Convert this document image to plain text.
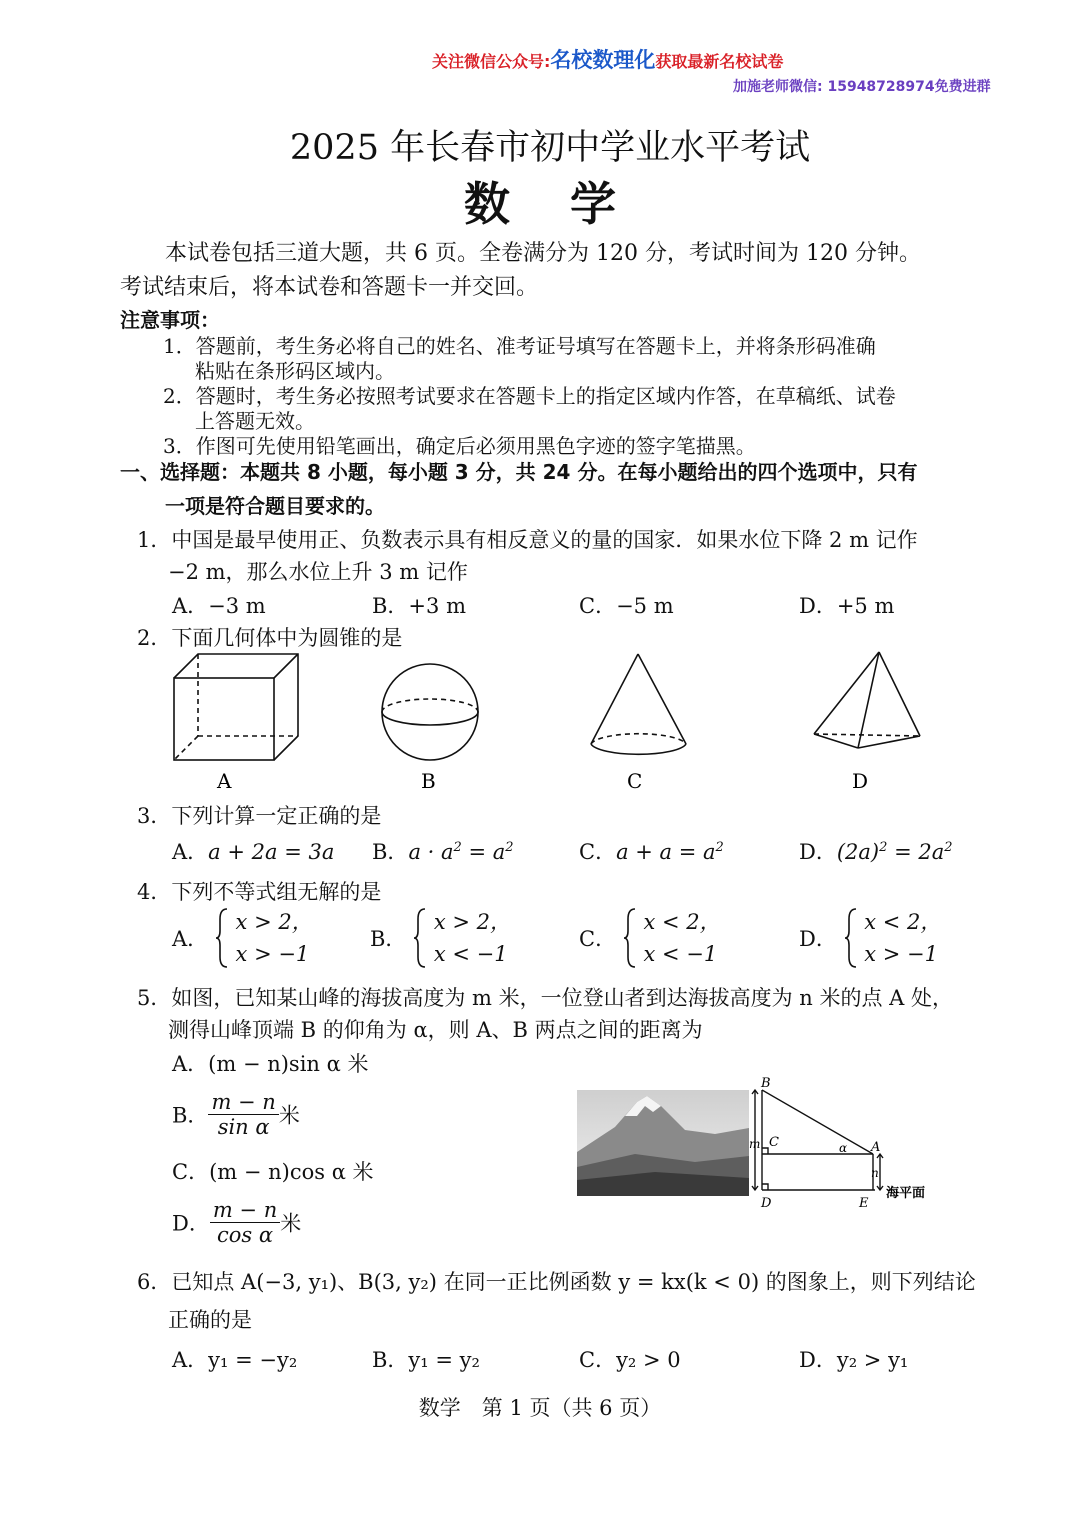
关注微信公众号:名校数理化获取最新名校试卷
加施老师微信: 15948728974免费进群
2025 年长春市初中学业水平考试
数学
本试卷包括三道大题，共 6 页。全卷满分为 120 分，考试时间为 120 分钟。
考试结束后，将本试卷和答题卡一并交回。
注意事项：
1．答题前，考生务必将自己的姓名、准考证号填写在答题卡上，并将条形码准确
粘贴在条形码区域内。
2．答题时，考生务必按照考试要求在答题卡上的指定区域内作答，在草稿纸、试卷
上答题无效。
3．作图可先使用铅笔画出，确定后必须用黑色字迹的签字笔描黑。
一、选择题：本题共 8 小题，每小题 3 分，共 24 分。在每小题给出的四个选项中，只有
一项是符合题目要求的。
1．中国是最早使用正、负数表示具有相反意义的量的国家．如果水位下降 2 m 记作
−2 m，那么水位上升 3 m 记作
A．−3 m	B．+3 m	C．−5 m	D．+5 m
2．下面几何体中为圆锥的是
A	B	C	D
3．下列计算一定正确的是
A．a + 2a = 3a B．$a \cdot a^2 = a^2$	C．$a + a = a^2$	D．$(2a)^2 = 2a^2$
4．下列不等式组无解的是
A．
x > 2，
x > −1
B．
x > 2，
x < −1
C．
x < 2，
x < −1
D．
x < 2，
x > −1
5．如图，已知某山峰的海拔高度为 m 米，一位登山者到达海拔高度为 n 米的点 A 处，
测得山峰顶端 B 的仰角为 α，则 A、B 两点之间的距离为
A．(m − n)sin α 米
B． $\frac{m - n}{\text{sin α}}$ 米
C．(m − n)cos α 米
D． $\frac{m - n}{\text{cos α}}$ 米
B
C
m	α A
n
D	E
海平面
6．已知点 A(−3, y₁)、B(3, y₂) 在同一正比例函数 y = kx(k < 0) 的图象上，则下列结论
正确的是
A．y₁ = −y₂	B．y₁ = y₂	C．y₂ > 0	D．y₂ > y₁
数学　第 1 页（共 6 页）
